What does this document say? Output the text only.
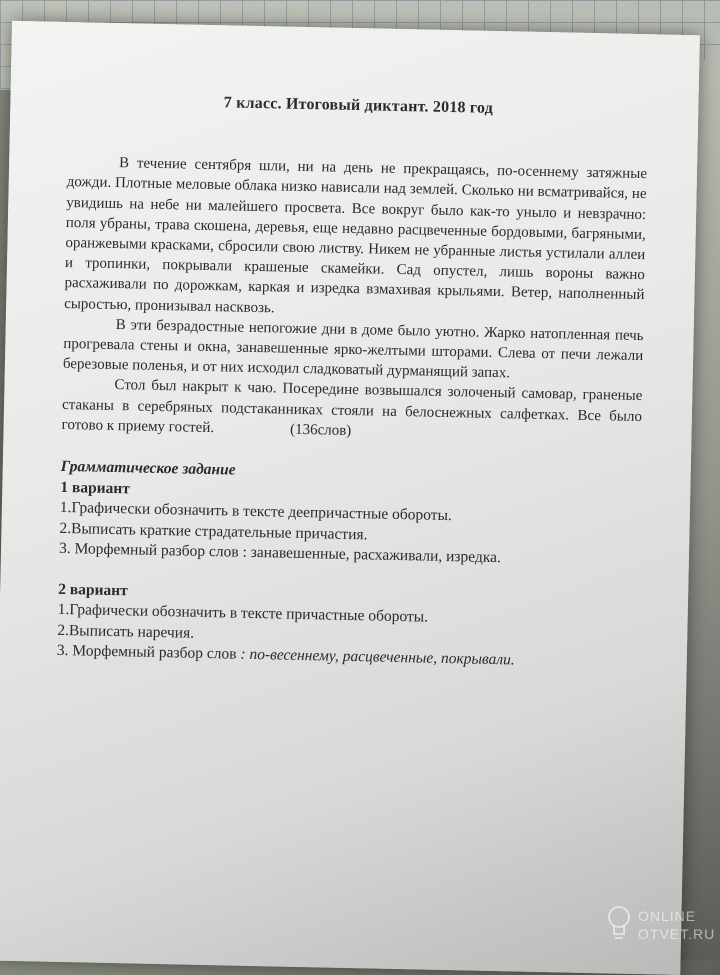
7 класс. Итоговый диктант. 2018 год

В течение сентября шли, ни на день не прекращаясь, по-осеннему затяжные дожди. Плотные меловые облака низко нависали над землей. Сколько ни всматривайся, не увидишь на небе ни малейшего просвета. Все вокруг было как-то уныло и невзрачно: поля убраны, трава скошена, деревья, еще недавно расцвеченные бордовыми, багряными, оранжевыми красками, сбросили свою листву. Никем не убранные листья устилали аллеи и тропинки, покрывали крашеные скамейки. Сад опустел, лишь вороны важно расхаживали по дорожкам, каркая и изредка взмахивая крыльями. Ветер, наполненный сыростью, пронизывал насквозь.

В эти безрадостные непогожие дни в доме было уютно. Жарко натопленная печь прогревала стены и окна, занавешенные ярко-желтыми шторами. Слева от печи лежали березовые поленья, и от них исходил сладковатый дурманящий запах.

Стол был накрыт к чаю. Посередине возвышался золоченый самовар, граненые стаканы в серебряных подстаканниках стояли на белоснежных салфетках. Все было готово к приему гостей.	(136слов)

Грамматическое задание

1 вариант

1.Графически обозначить в тексте деепричастные обороты.

2.Выписать краткие страдательные причастия.

3. Морфемный разбор слов : занавешенные, расхаживали, изредка.

2 вариант

1.Графически обозначить в тексте причастные обороты.

2.Выписать наречия.

3. Морфемный разбор слов : по-весеннему, расцвеченные, покрывали.

ONLINE
OTVET.RU
